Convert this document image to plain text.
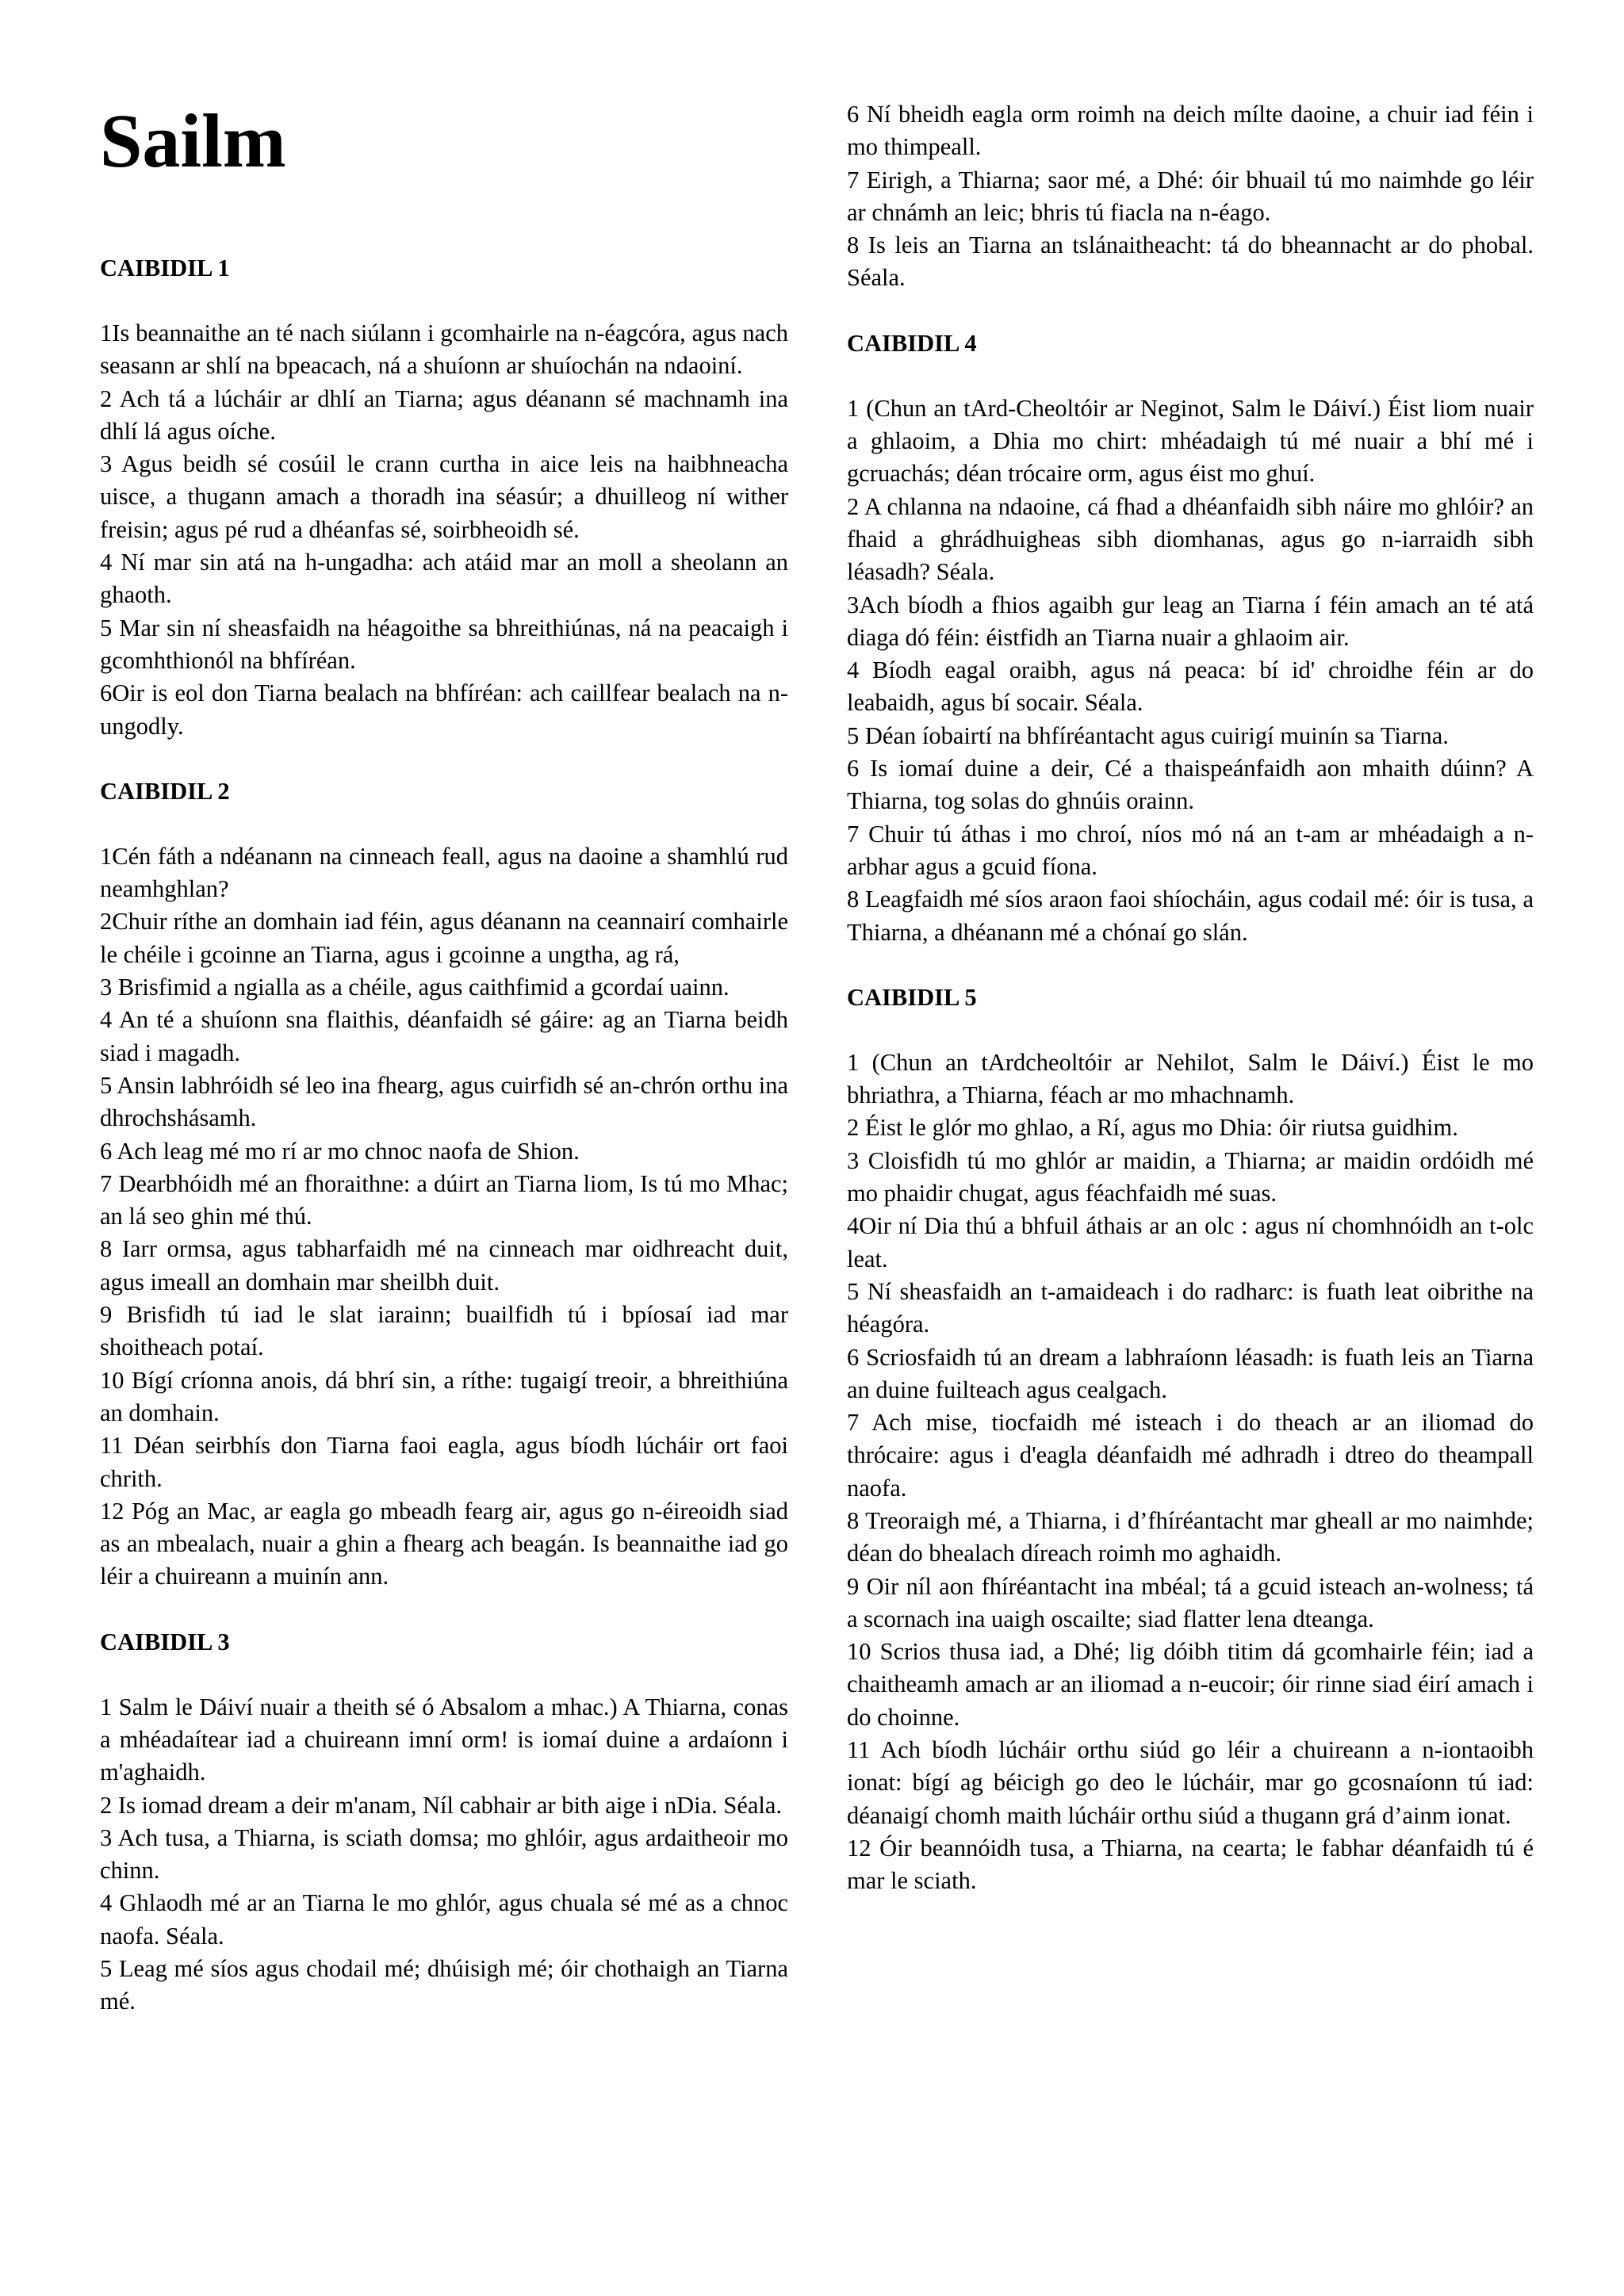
Sailm

CAIBIDIL 1

1Is beannaithe an té nach siúlann i gcomhairle na n-éagcóra, agus nach seasann ar shlí na bpeacach, ná a shuíonn ar shuíochán na ndaoiní.

2 Ach tá a lúcháir ar dhlí an Tiarna; agus déanann sé machnamh ina dhlí lá agus oíche.

3 Agus beidh sé cosúil le crann curtha in aice leis na haibhneacha uisce, a thugann amach a thoradh ina séasúr; a dhuilleog ní wither freisin; agus pé rud a dhéanfas sé, soirbheoidh sé.

4 Ní mar sin atá na h-ungadha: ach atáid mar an moll a sheolann an ghaoth.

5 Mar sin ní sheasfaidh na héagoithe sa bhreithiúnas, ná na peacaigh i gcomhthionól na bhfíréan.

6Oir is eol don Tiarna bealach na bhfíréan: ach caillfear bealach na n-ungodly.

CAIBIDIL 2

1Cén fáth a ndéanann na cinneach feall, agus na daoine a shamhlú rud neamhghlan?

2Chuir ríthe an domhain iad féin, agus déanann na ceannairí comhairle le chéile i gcoinne an Tiarna, agus i gcoinne a ungtha, ag rá,

3 Brisfimid a ngialla as a chéile, agus caithfimid a gcordaí uainn.

4 An té a shuíonn sna flaithis, déanfaidh sé gáire: ag an Tiarna beidh siad i magadh.

5 Ansin labhróidh sé leo ina fhearg, agus cuirfidh sé an-chrón orthu ina dhrochshásamh.

6 Ach leag mé mo rí ar mo chnoc naofa de Shion.

7 Dearbhóidh mé an fhoraithne: a dúirt an Tiarna liom, Is tú mo Mhac; an lá seo ghin mé thú.

8 Iarr ormsa, agus tabharfaidh mé na cinneach mar oidhreacht duit, agus imeall an domhain mar sheilbh duit.

9 Brisfidh tú iad le slat iarainn; buailfidh tú i bpíosaí iad mar shoitheach potaí.

10 Bígí críonna anois, dá bhrí sin, a ríthe: tugaigí treoir, a bhreithiúna an domhain.

11 Déan seirbhís don Tiarna faoi eagla, agus bíodh lúcháir ort faoi chrith.

12 Póg an Mac, ar eagla go mbeadh fearg air, agus go n-éireoidh siad as an mbealach, nuair a ghin a fhearg ach beagán. Is beannaithe iad go léir a chuireann a muinín ann.

CAIBIDIL 3

1 Salm le Dáiví nuair a theith sé ó Absalom a mhac.) A Thiarna, conas a mhéadaítear iad a chuireann imní orm! is iomaí duine a ardaíonn i m'aghaidh.

2 Is iomad dream a deir m'anam, Níl cabhair ar bith aige i nDia. Séala.

3 Ach tusa, a Thiarna, is sciath domsa; mo ghlóir, agus ardaitheoir mo chinn.

4 Ghlaodh mé ar an Tiarna le mo ghlór, agus chuala sé mé as a chnoc naofa. Séala.

5 Leag mé síos agus chodail mé; dhúisigh mé; óir chothaigh an Tiarna mé.

6 Ní bheidh eagla orm roimh na deich mílte daoine, a chuir iad féin i mo thimpeall.

7 Eirigh, a Thiarna; saor mé, a Dhé: óir bhuail tú mo naimhde go léir ar chnámh an leic; bhris tú fiacla na n-éago.

8 Is leis an Tiarna an tslánaitheacht: tá do bheannacht ar do phobal. Séala.

CAIBIDIL 4

1 (Chun an tArd-Cheoltóir ar Neginot, Salm le Dáiví.) Éist liom nuair a ghlaoim, a Dhia mo chirt: mhéadaigh tú mé nuair a bhí mé i gcruachás; déan trócaire orm, agus éist mo ghuí.

2 A chlanna na ndaoine, cá fhad a dhéanfaidh sibh náire mo ghlóir? an fhaid a ghrádhuigheas sibh diomhanas, agus go n-iarraidh sibh léasadh? Séala.

3Ach bíodh a fhios agaibh gur leag an Tiarna í féin amach an té atá diaga dó féin: éistfidh an Tiarna nuair a ghlaoim air.

4 Bíodh eagal oraibh, agus ná peaca: bí id' chroidhe féin ar do leabaidh, agus bí socair. Séala.

5 Déan íobairtí na bhfíréantacht agus cuirigí muinín sa Tiarna.

6 Is iomaí duine a deir, Cé a thaispeánfaidh aon mhaith dúinn? A Thiarna, tog solas do ghnúis orainn.

7 Chuir tú áthas i mo chroí, níos mó ná an t-am ar mhéadaigh a n-arbhar agus a gcuid fíona.

8 Leagfaidh mé síos araon faoi shíocháin, agus codail mé: óir is tusa, a Thiarna, a dhéanann mé a chónaí go slán.

CAIBIDIL 5

1 (Chun an tArdcheoltóir ar Nehilot, Salm le Dáiví.) Éist le mo bhriathra, a Thiarna, féach ar mo mhachnamh.

2 Éist le glór mo ghlao, a Rí, agus mo Dhia: óir riutsa guidhim.

3 Cloisfidh tú mo ghlór ar maidin, a Thiarna; ar maidin ordóidh mé mo phaidir chugat, agus féachfaidh mé suas.

4Oir ní Dia thú a bhfuil áthais ar an olc : agus ní chomhnóidh an t-olc leat.

5 Ní sheasfaidh an t-amaideach i do radharc: is fuath leat oibrithe na héagóra.

6 Scriosfaidh tú an dream a labhraíonn léasadh: is fuath leis an Tiarna an duine fuilteach agus cealgach.

7 Ach mise, tiocfaidh mé isteach i do theach ar an iliomad do thrócaire: agus i d'eagla déanfaidh mé adhradh i dtreo do theampall naofa.

8 Treoraigh mé, a Thiarna, i d’fhíréantacht mar gheall ar mo naimhde; déan do bhealach díreach roimh mo aghaidh.

9 Oir níl aon fhíréantacht ina mbéal; tá a gcuid isteach an-wolness; tá a scornach ina uaigh oscailte; siad flatter lena dteanga.

10 Scrios thusa iad, a Dhé; lig dóibh titim dá gcomhairle féin; iad a chaitheamh amach ar an iliomad a n-eucoir; óir rinne siad éirí amach i do choinne.

11 Ach bíodh lúcháir orthu siúd go léir a chuireann a n-iontaoibh ionat: bígí ag béicigh go deo le lúcháir, mar go gcosnaíonn tú iad: déanaigí chomh maith lúcháir orthu siúd a thugann grá d’ainm ionat.

12 Óir beannóidh tusa, a Thiarna, na cearta; le fabhar déanfaidh tú é mar le sciath.
